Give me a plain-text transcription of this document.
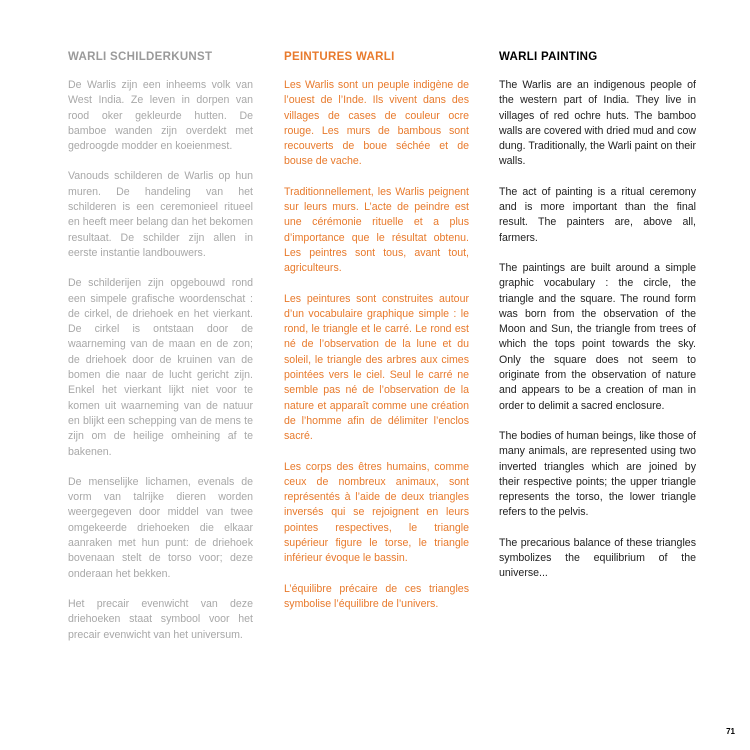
WARLI SCHILDERKUNST

De Warlis zijn een inheems volk van West India. Ze leven in dorpen van rood oker gekleurde hutten. De bamboe wanden zijn overdekt met gedroogde modder en koeienmest.

Vanouds schilderen de Warlis op hun muren. De handeling van het schilderen is een ceremonieel ritueel en heeft meer belang dan het bekomen resultaat. De schilder zijn allen in eerste instantie landbouwers.

De schilderijen zijn opgebouwd rond een simpele grafische woordenschat : de cirkel, de driehoek en het vierkant. De cirkel is ontstaan door de waarneming van de maan en de zon; de driehoek door de kruinen van de bomen die naar de lucht gericht zijn. Enkel het vierkant lijkt niet voor te komen uit waarneming van de natuur en blijkt een schepping van de mens te zijn om de heilige omheining af te bakenen.

De menselijke lichamen, evenals de vorm van talrijke dieren worden weergegeven door middel van twee omgekeerde driehoeken die elkaar aanraken met hun punt: de driehoek bovenaan stelt de torso voor; deze onderaan het bekken.

Het precair evenwicht van deze driehoeken staat symbool voor het precair evenwicht van het universum.

PEINTURES WARLI

Les Warlis sont un peuple indigène de l’ouest de l’Inde. Ils vivent dans des villages de cases de couleur ocre rouge. Les murs de bambous sont recouverts de boue séchée et de bouse de vache.

Traditionnellement, les Warlis peignent sur leurs murs. L’acte de peindre est une cérémonie rituelle et a plus d’importance que le résultat obtenu. Les peintres sont tous, avant tout, agriculteurs.

Les peintures sont construites autour d’un vocabulaire graphique simple : le rond, le triangle et le carré. Le rond est né de l’observation de la lune et du soleil, le triangle des arbres aux cimes pointées vers le ciel. Seul le carré ne semble pas né de l’observation de la nature et apparaît comme une création de l’homme afin de délimiter l’enclos sacré.

Les corps des êtres humains, comme ceux de nombreux animaux, sont représentés à l’aide de deux triangles inversés qui se rejoignent en leurs pointes respectives, le triangle supérieur figure le torse, le triangle inférieur évoque le bassin.

L’équilibre précaire de ces triangles symbolise l’équilibre de l’univers.

WARLI PAINTING

The Warlis are an indigenous people of the western part of India. They live in villages of red ochre huts. The bamboo walls are covered with dried mud and cow dung. Traditionally, the Warli paint on their walls.

The act of painting is a ritual ceremony and is more important than the final result. The painters are, above all, farmers.

The paintings are built around a simple graphic vocabulary : the circle, the triangle and the square. The round form was born from the observation of the Moon and Sun, the triangle from trees of which the tops point towards the sky. Only the square does not seem to originate from the observation of nature and appears to be a creation of man in order to delimit a sacred enclosure.

The bodies of human beings, like those of many animals, are represented using two inverted triangles which are joined by their respective points; the upper triangle represents the torso, the lower triangle refers to the pelvis.

The precarious balance of these triangles symbolizes the equilibrium of the universe...

71
